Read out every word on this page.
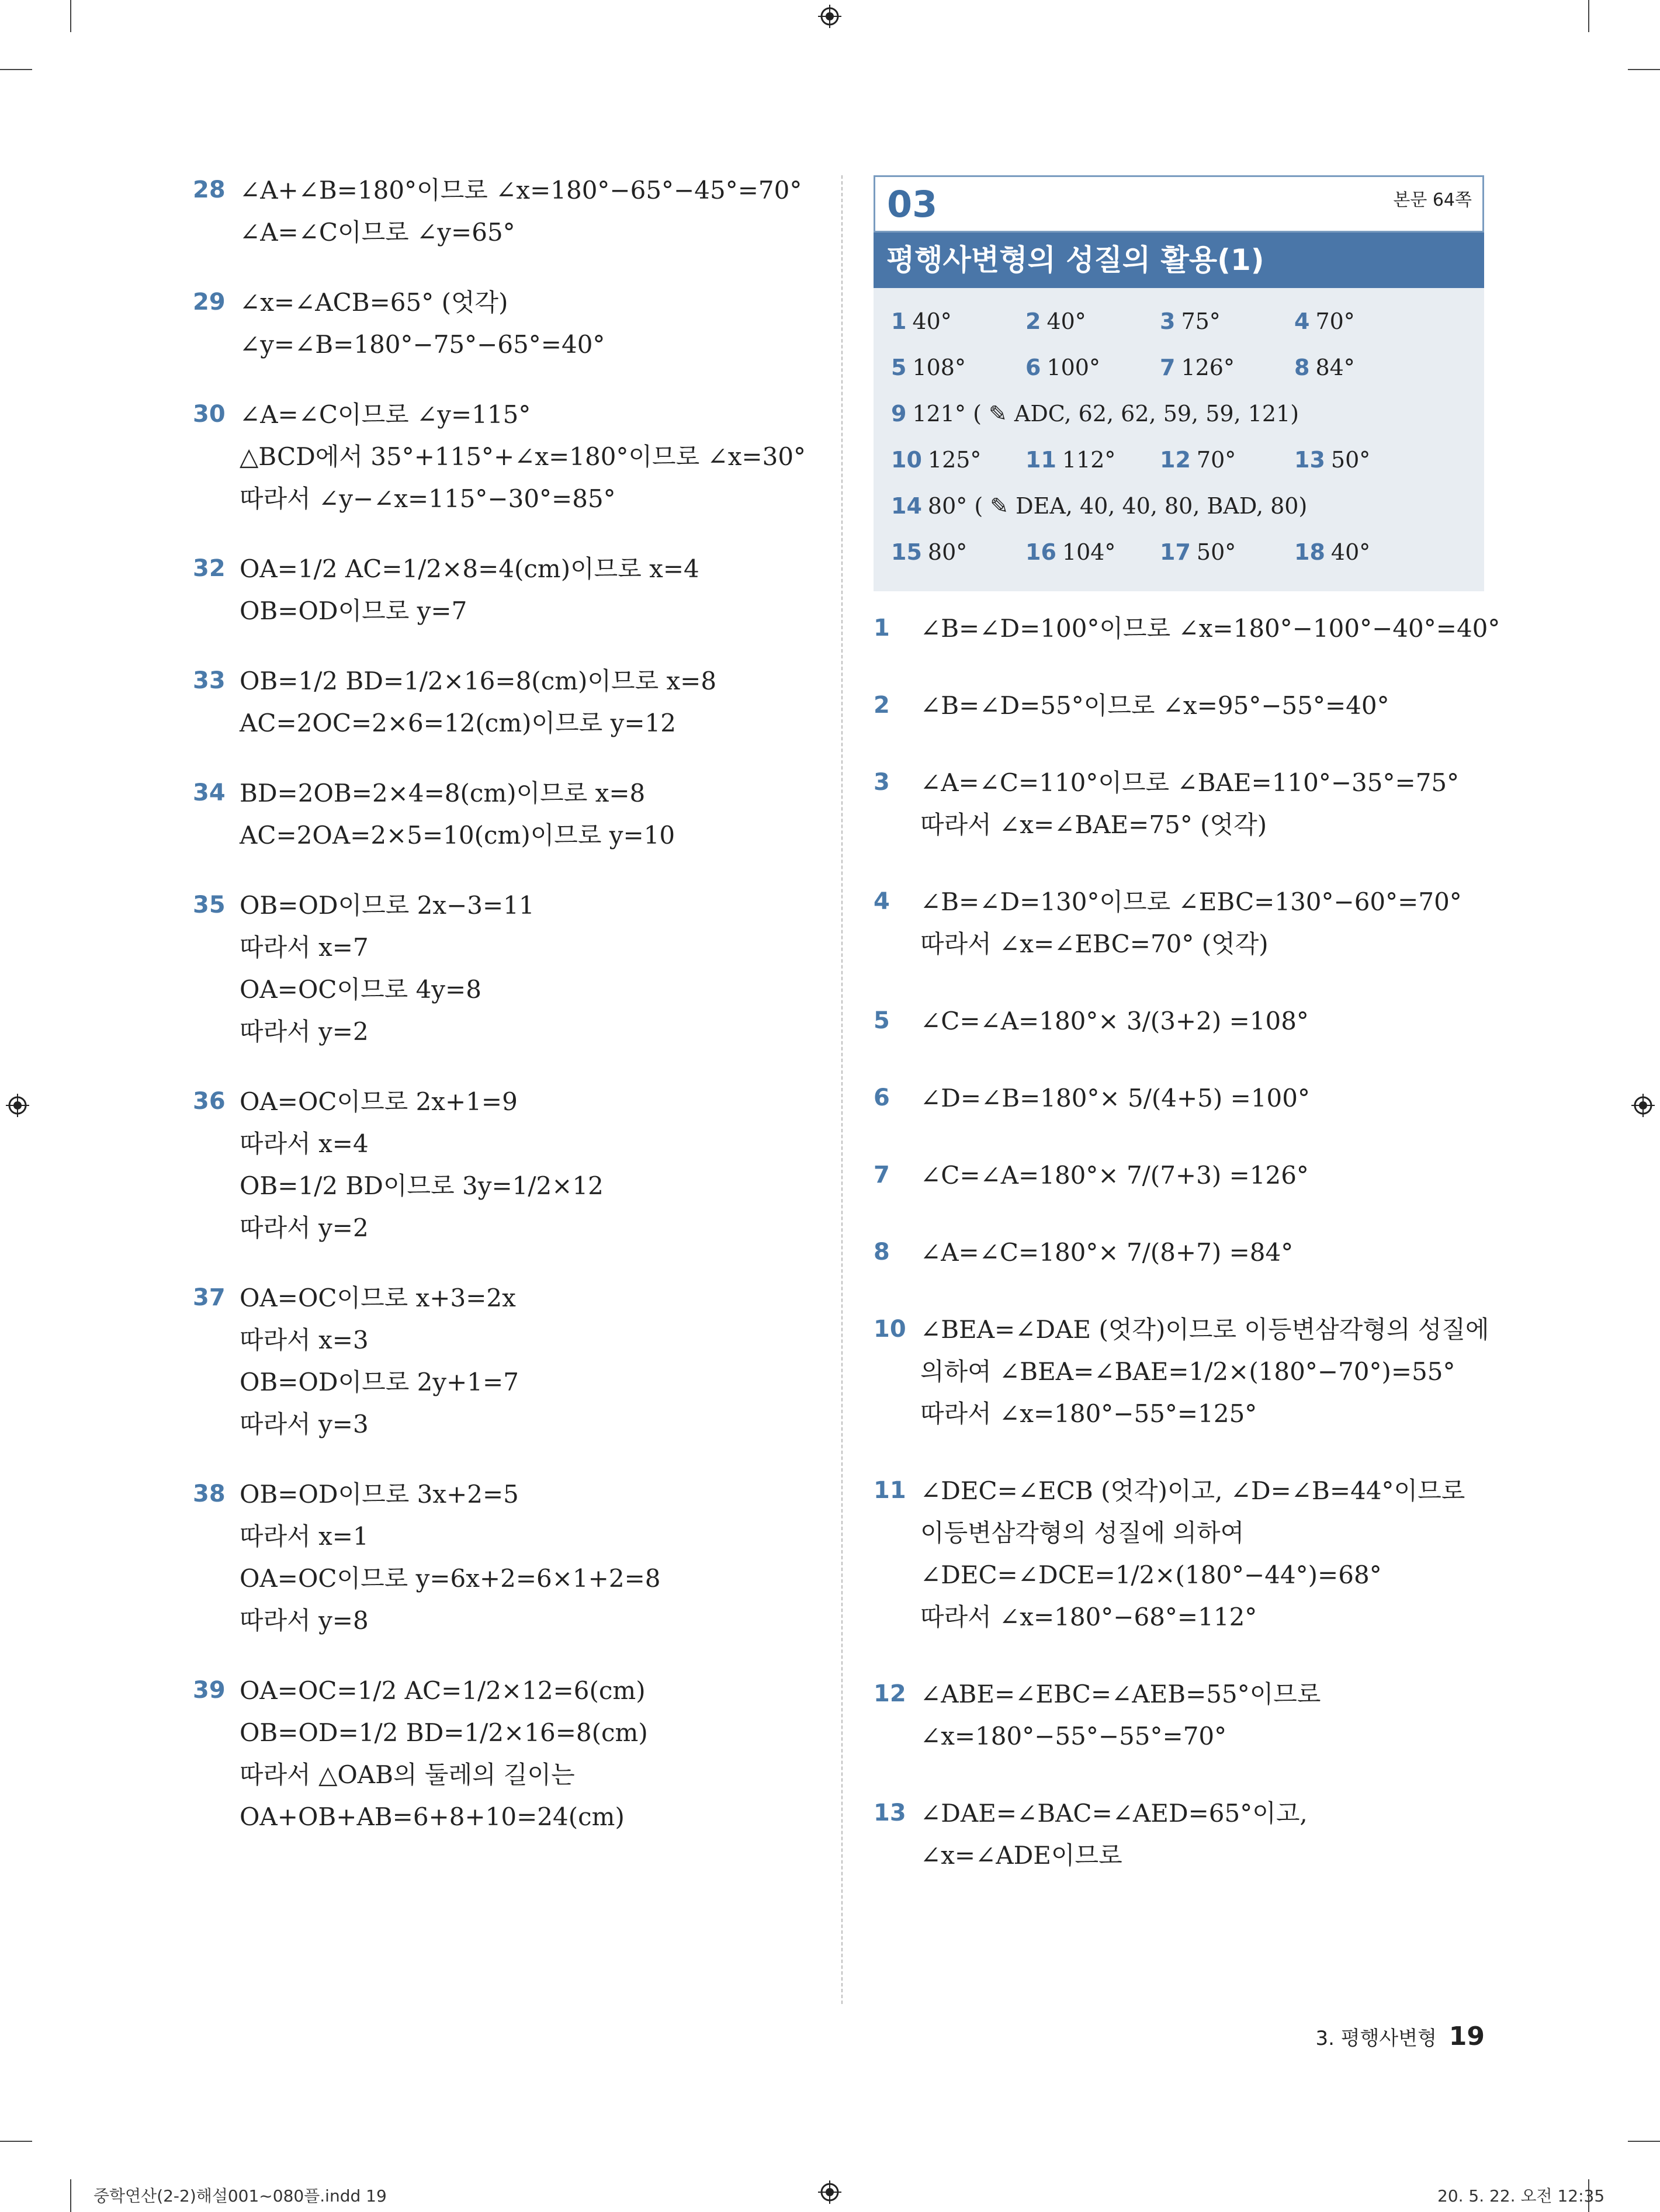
28 ∠A+∠B=180°이므로 ∠x=180°−65°−45°=70°
∠A=∠C이므로 ∠y=65°
29 ∠x=∠ACB=65° (엇각)
∠y=∠B=180°−75°−65°=40°
30 ∠A=∠C이므로 ∠y=115°
△BCD에서 35°+115°+∠x=180°이므로 ∠x=30°
따라서 ∠y−∠x=115°−30°=85°
32 OA=1/2 AC=1/2×8=4(cm)이므로 x=4
OB=OD이므로 y=7
33 OB=1/2 BD=1/2×16=8(cm)이므로 x=8
AC=2OC=2×6=12(cm)이므로 y=12
34 BD=2OB=2×4=8(cm)이므로 x=8
AC=2OA=2×5=10(cm)이므로 y=10
35 OB=OD이므로 2x−3=11
따라서 x=7
OA=OC이므로 4y=8
따라서 y=2
36 OA=OC이므로 2x+1=9
따라서 x=4
OB=1/2 BD이므로 3y=1/2×12
따라서 y=2
37 OA=OC이므로 x+3=2x
따라서 x=3
OB=OD이므로 2y+1=7
따라서 y=3
38 OB=OD이므로 3x+2=5
따라서 x=1
OA=OC이므로 y=6x+2=6×1+2=8
따라서 y=8
39 OA=OC=1/2 AC=1/2×12=6(cm)
OB=OD=1/2 BD=1/2×16=8(cm)
따라서 △OAB의 둘레의 길이는
OA+OB+AB=6+8+10=24(cm)
03	본문 64쪽
평행사변형의 성질의 활용(1)
1 40°	2 40°	3 75°	4 70°
5 108°	6 100°	7 126°	8 84°
9 121° ( ✎ ADC, 62, 62, 59, 59, 121)
10 125° 11 112° 12 70°	13 50°
14 80° ( ✎ DEA, 40, 40, 80, BAD, 80)
15 80°	16 104° 17 50°	18 40°
1 ∠B=∠D=100°이므로 ∠x=180°−100°−40°=40°
2 ∠B=∠D=55°이므로 ∠x=95°−55°=40°
3 ∠A=∠C=110°이므로 ∠BAE=110°−35°=75°
따라서 ∠x=∠BAE=75° (엇각)
4 ∠B=∠D=130°이므로 ∠EBC=130°−60°=70°
따라서 ∠x=∠EBC=70° (엇각)
5 ∠C=∠A=180°× 3/(3+2) =108°
6 ∠D=∠B=180°× 5/(4+5) =100°
7 ∠C=∠A=180°× 7/(7+3) =126°
8 ∠A=∠C=180°× 7/(8+7) =84°
10 ∠BEA=∠DAE (엇각)이므로 이등변삼각형의 성질에
의하여 ∠BEA=∠BAE=1/2×(180°−70°)=55°
따라서 ∠x=180°−55°=125°
11 ∠DEC=∠ECB (엇각)이고, ∠D=∠B=44°이므로
이등변삼각형의 성질에 의하여
∠DEC=∠DCE=1/2×(180°−44°)=68°
따라서 ∠x=180°−68°=112°
12 ∠ABE=∠EBC=∠AEB=55°이므로
∠x=180°−55°−55°=70°
13 ∠DAE=∠BAC=∠AED=65°이고,
∠x=∠ADE이므로
3. 평행사변형 19
중학연산(2-2)해설001~080플.indd 19	20. 5. 22. 오전 12:35
